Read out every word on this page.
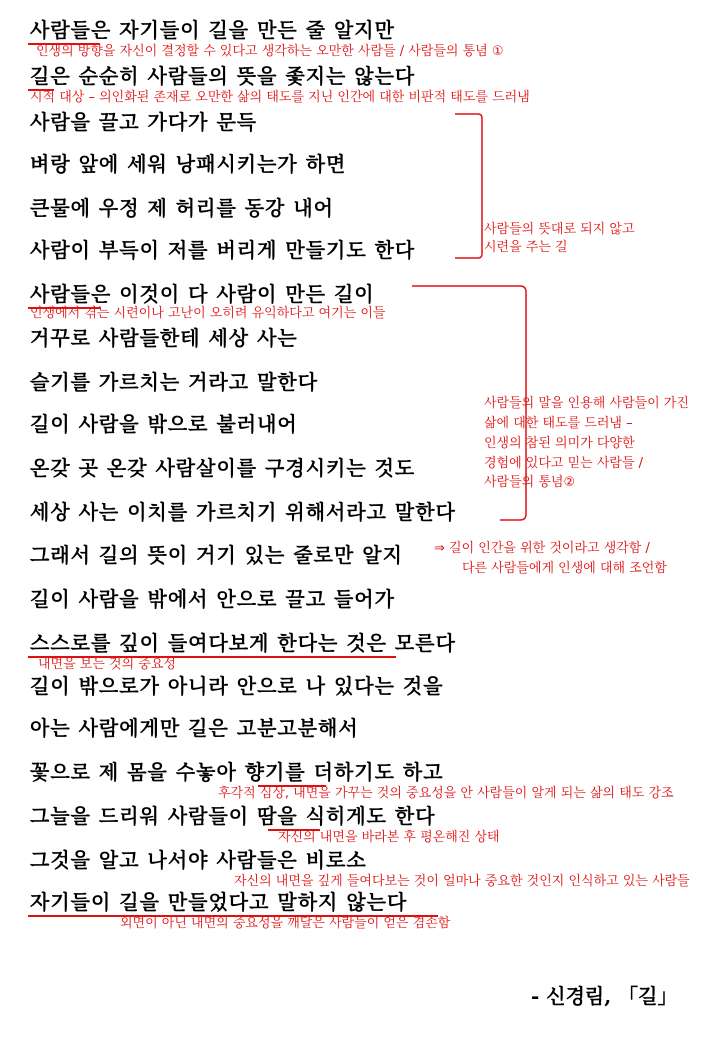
사람들은 자기들이 길을 만든 줄 알지만
길은 순순히 사람들의 뜻을 좇지는 않는다
사람을 끌고 가다가 문득
벼랑 앞에 세워 낭패시키는가 하면
큰물에 우정 제 허리를 동강 내어
사람이 부득이 저를 버리게 만들기도 한다
사람들은 이것이 다 사람이 만든 길이
거꾸로 사람들한테 세상 사는
슬기를 가르치는 거라고 말한다
길이 사람을 밖으로 불러내어
온갖 곳 온갖 사람살이를 구경시키는 것도
세상 사는 이치를 가르치기 위해서라고 말한다
그래서 길의 뜻이 거기 있는 줄로만 알지
길이 사람을 밖에서 안으로 끌고 들어가
스스로를 깊이 들여다보게 한다는 것은 모른다
길이 밖으로가 아니라 안으로 나 있다는 것을
아는 사람에게만 길은 고분고분해서
꽃으로 제 몸을 수놓아 향기를 더하기도 하고
그늘을 드리워 사람들이 땀을 식히게도 한다
그것을 알고 나서야 사람들은 비로소
자기들이 길을 만들었다고 말하지 않는다
인생의 방향을 자신이 결정할 수 있다고 생각하는 오만한 사람들 / 사람들의 통념 ①
시적 대상 – 의인화된 존재로 오만한 삶의 태도를 지닌 인간에 대한 비판적 태도를 드러냄
사람들의 뜻대로 되지 않고
시련을 주는 길
인생에서 겪는 시련이나 고난이 오히려 유익하다고 여기는 이들
사람들의 말을 인용해 사람들이 가진
삶에 대한 태도를 드러냄 –
인생의 참된 의미가 다양한
경험에 있다고 믿는 사람들 /
사람들의 통념②
⇒ 길이 인간을 위한 것이라고 생각함 /
다른 사람들에게 인생에 대해 조언함
내면을 보는 것의 중요성
후각적 심상, 내면을 가꾸는 것의 중요성을 안 사람들이 알게 되는 삶의 태도 강조
자신의 내면을 바라본 후 평온해진 상태
자신의 내면을 깊게 들여다보는 것이 얼마나 중요한 것인지 인식하고 있는 사람들
외면이 아닌 내면의 중요성을 깨달은 사람들이 얻은 겸손함
- 신경림, 「길」
